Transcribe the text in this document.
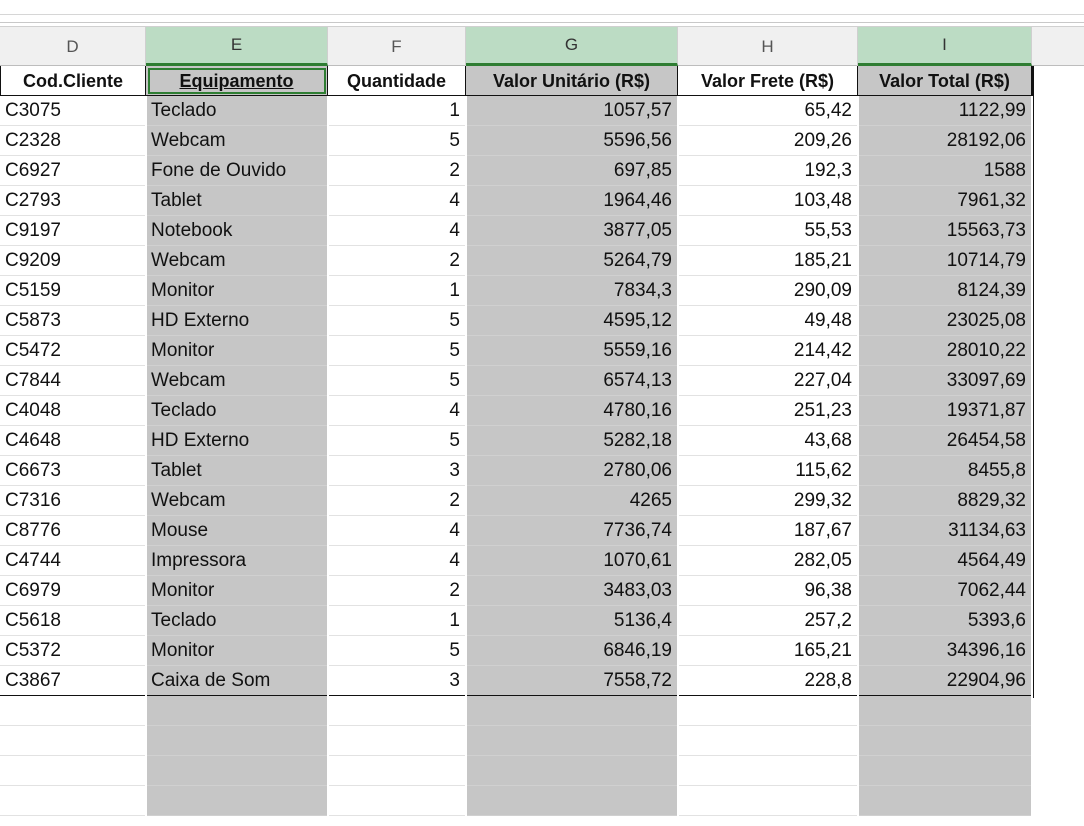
D	E	F	G	H	I
Cod.Cliente	Equipamento	Quantidade	Valor Unitário (R$)	Valor Frete (R$)	Valor Total (R$)
C3075	Teclado	1	1057,57	65,42	1122,99
C2328	Webcam	5	5596,56	209,26	28192,06
C6927	Fone de Ouvido	2	697,85	192,3	1588
C2793	Tablet	4	1964,46	103,48	7961,32
C9197	Notebook	4	3877,05	55,53	15563,73
C9209	Webcam	2	5264,79	185,21	10714,79
C5159	Monitor	1	7834,3	290,09	8124,39
C5873	HD Externo	5	4595,12	49,48	23025,08
C5472	Monitor	5	5559,16	214,42	28010,22
C7844	Webcam	5	6574,13	227,04	33097,69
C4048	Teclado	4	4780,16	251,23	19371,87
C4648	HD Externo	5	5282,18	43,68	26454,58
C6673	Tablet	3	2780,06	115,62	8455,8
C7316	Webcam	2	4265	299,32	8829,32
C8776	Mouse	4	7736,74	187,67	31134,63
C4744	Impressora	4	1070,61	282,05	4564,49
C6979	Monitor	2	3483,03	96,38	7062,44
C5618	Teclado	1	5136,4	257,2	5393,6
C5372	Monitor	5	6846,19	165,21	34396,16
C3867	Caixa de Som	3	7558,72	228,8	22904,96
